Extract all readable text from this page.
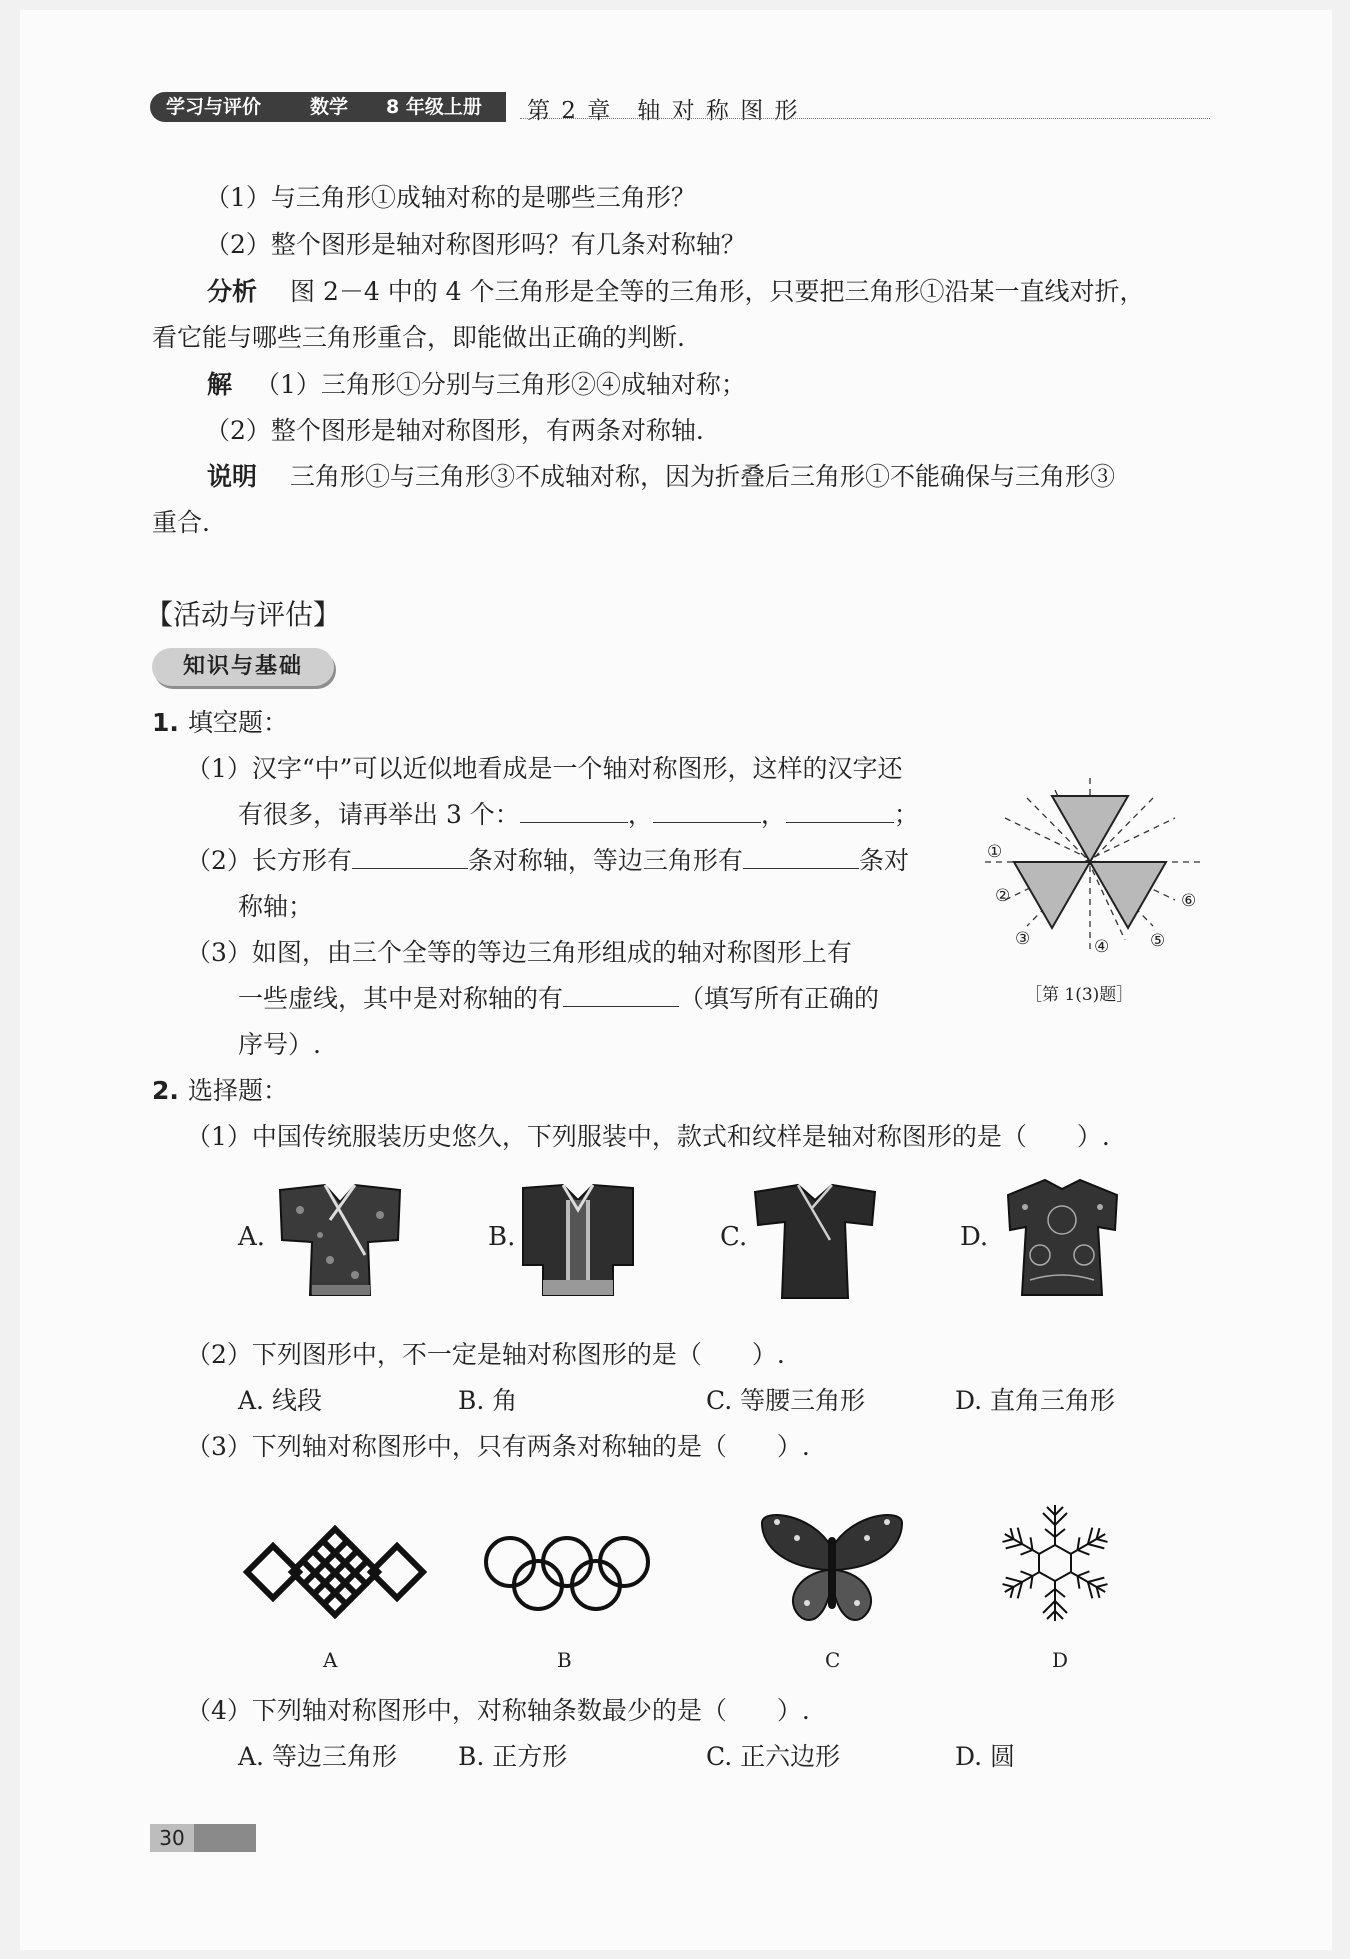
学习与评价	数学 8 年级上册 第 2 章　轴 对 称 图 形
（1）与三角形①成轴对称的是哪些三角形？
（2）整个图形是轴对称图形吗？有几条对称轴？
分析 图 2－4 中的 4 个三角形是全等的三角形，只要把三角形①沿某一直线对折，
看它能与哪些三角形重合，即能做出正确的判断.
解 （1）三角形①分别与三角形②④成轴对称；
（2）整个图形是轴对称图形，有两条对称轴.
说明 三角形①与三角形③不成轴对称，因为折叠后三角形①不能确保与三角形③
重合.
【活动与评估】
知识与基础
1. 填空题：
（1）汉字“中”可以近似地看成是一个轴对称图形，这样的汉字还
有很多，请再举出 3 个：	，	，	；
（2）长方形有	条对称轴，等边三角形有	条对
称轴；
（3）如图，由三个全等的等边三角形组成的轴对称图形上有
一些虚线，其中是对称轴的有	（填写所有正确的
序号）.
①
②
③	④ ⑤
⑥
［第 1(3)题］
2. 选择题：
（1）中国传统服装历史悠久，下列服装中，款式和纹样是轴对称图形的是（　　）.
A.	B.	C.	D.
（2）下列图形中，不一定是轴对称图形的是（　　）.
A. 线段	B. 角	C. 等腰三角形	D. 直角三角形
（3）下列轴对称图形中，只有两条对称轴的是（　　）.
A	B	C	D
（4）下列轴对称图形中，对称轴条数最少的是（　　）.
A. 等边三角形 B. 正方形	C. 正六边形	D. 圆
30
